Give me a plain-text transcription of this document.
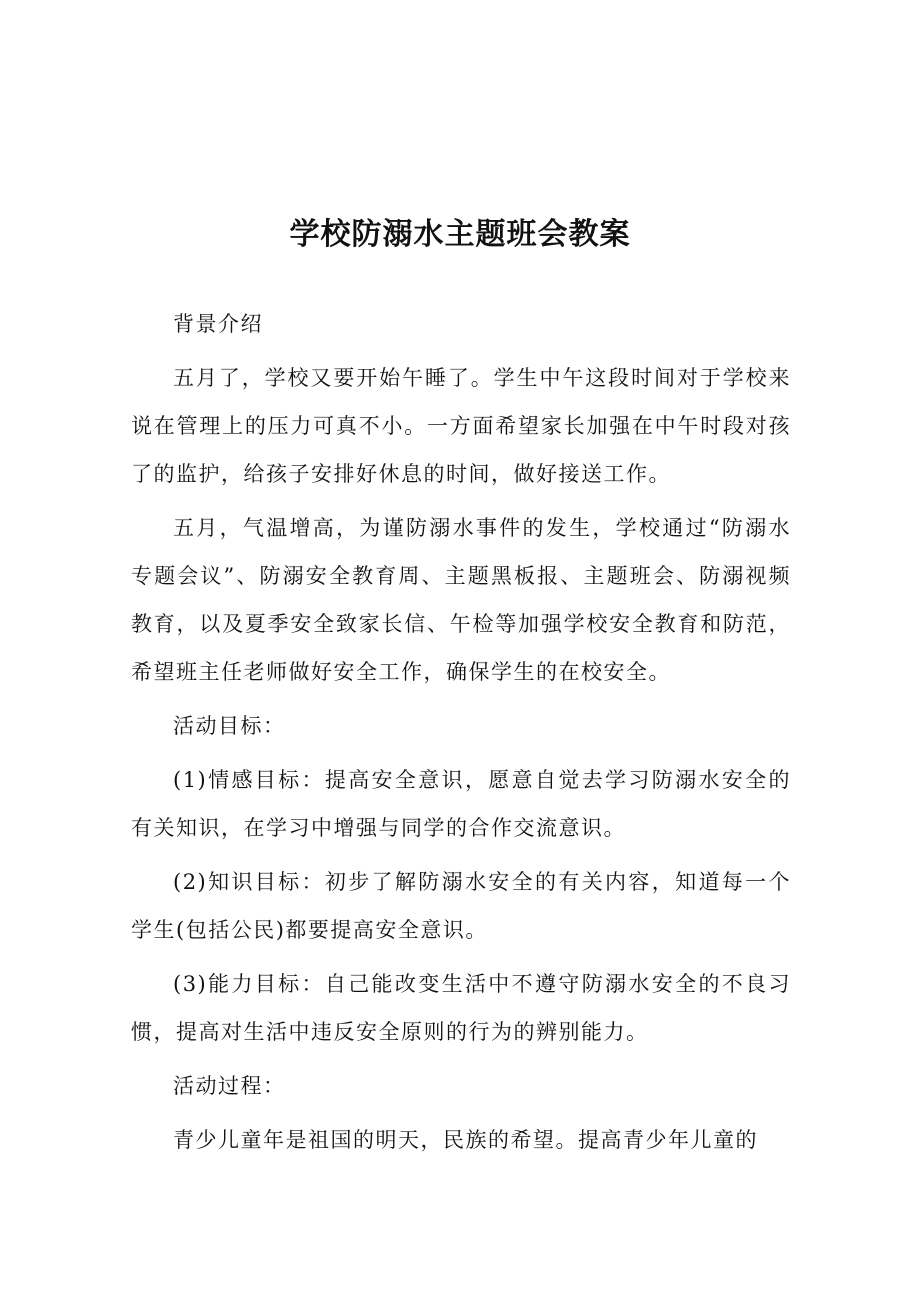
学校防溺水主题班会教案

背景介绍

五月了，学校又要开始午睡了。学生中午这段时间对于学校来说在管理上的压力可真不小。一方面希望家长加强在中午时段对孩了的监护，给孩子安排好休息的时间，做好接送工作。

五月，气温增高，为谨防溺水事件的发生，学校通过“防溺水专题会议”、防溺安全教育周、主题黑板报、主题班会、防溺视频教育，以及夏季安全致家长信、午检等加强学校安全教育和防范，希望班主任老师做好安全工作，确保学生的在校安全。

活动目标：

(1)情感目标：提高安全意识，愿意自觉去学习防溺水安全的有关知识，在学习中增强与同学的合作交流意识。

(2)知识目标：初步了解防溺水安全的有关内容，知道每一个学生(包括公民)都要提高安全意识。

(3)能力目标：自己能改变生活中不遵守防溺水安全的不良习惯，提高对生活中违反安全原则的行为的辨别能力。

活动过程：

青少儿童年是祖国的明天，民族的希望。提高青少年儿童的
